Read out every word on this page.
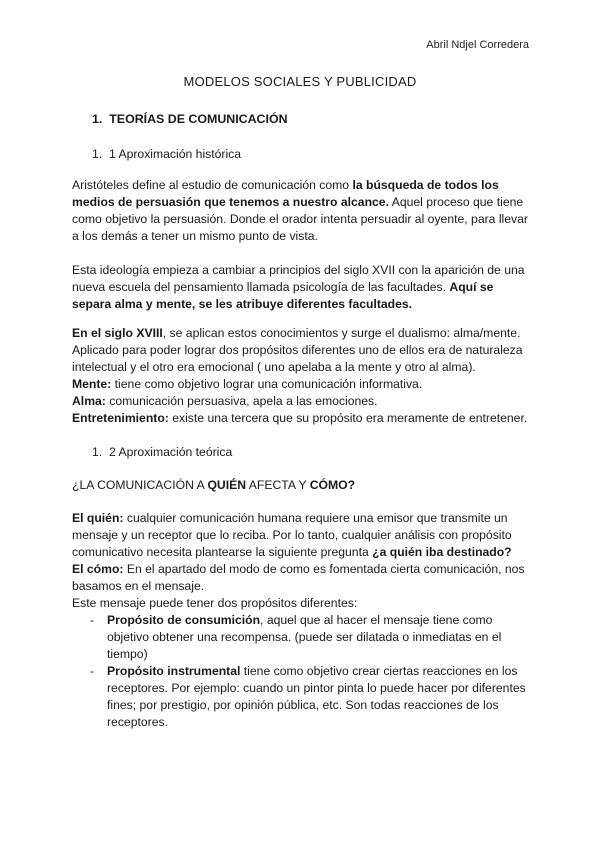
Abril Ndjel Corredera
MODELOS SOCIALES Y PUBLICIDAD
1. TEORÍAS DE COMUNICACIÓN
1. 1 Aproximación histórica
Aristóteles define al estudio de comunicación como la búsqueda de todos los
medios de persuasión que tenemos a nuestro alcance. Aquel proceso que tiene
como objetivo la persuasión. Donde el orador intenta persuadir al oyente, para llevar
a los demás a tener un mismo punto de vista.
Esta ideología empieza a cambiar a principios del siglo XVII con la aparición de una
nueva escuela del pensamiento llamada psicología de las facultades. Aquí se
separa alma y mente, se les atribuye diferentes facultades.
En el siglo XVIII, se aplican estos conocimientos y surge el dualismo: alma/mente.
Aplicado para poder lograr dos propósitos diferentes uno de ellos era de naturaleza
intelectual y el otro era emocional ( uno apelaba a la mente y otro al alma).
Mente: tiene como objetivo lograr una comunicación informativa.
Alma: comunicación persuasiva, apela a las emociones.
Entretenimiento: existe una tercera que su propósito era meramente de entretener.
1. 2 Aproximación teórica
¿LA COMUNICACIÓN A QUIÉN AFECTA Y CÓMO?
El quién: cualquier comunicación humana requiere una emisor que transmite un
mensaje y un receptor que lo reciba. Por lo tanto, cualquier análisis con propósito
comunicativo necesita plantearse la siguiente pregunta ¿a quién iba destinado?
El cómo: En el apartado del modo de como es fomentada cierta comunicación, nos
basamos en el mensaje.
Este mensaje puede tener dos propósitos diferentes:
- Propósito de consumición, aquel que al hacer el mensaje tiene como
objetivo obtener una recompensa. (puede ser dilatada o inmediatas en el
tiempo)
- Propósito instrumental tiene como objetivo crear ciertas reacciones en los
receptores. Por ejemplo: cuando un pintor pinta lo puede hacer por diferentes
fines; por prestigio, por opinión pública, etc. Son todas reacciones de los
receptores.
